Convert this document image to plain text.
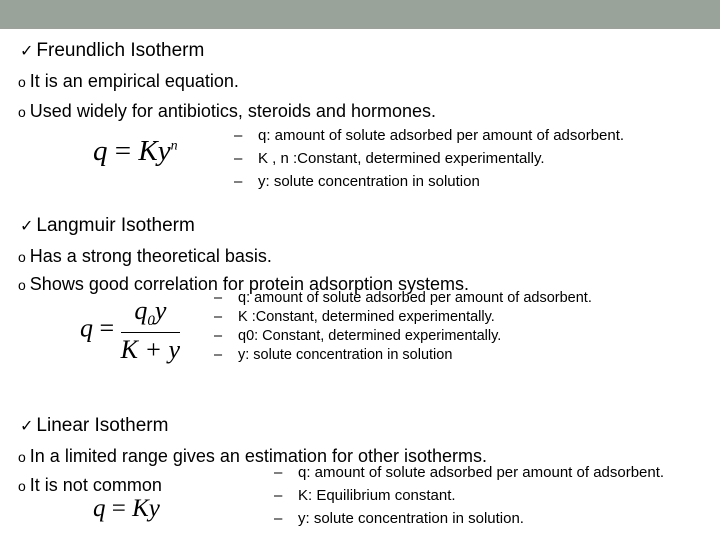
✓ Freundlich Isotherm
o It is an empirical equation.
o Used widely for antibiotics, steroids and hormones.
$q = Ky^n$
– q: amount of solute adsorbed per amount of adsorbent.
– K , n :Constant, determined experimentally.
– y: solute concentration in solution
✓ Langmuir Isotherm
o Has a strong theoretical basis.
o Shows good correlation for protein adsorption systems.
$q = \frac{q_0y}{K + y} - q$: amount of solute adsorbed per amount of adsorbent.
– K :Constant, determined experimentally.
– q0: Constant, determined experimentally.
– y: solute concentration in solution
✓ Linear Isotherm
o In a limited range gives an estimation for other isotherms.
o It is not common
q = Ky
– q: amount of solute adsorbed per amount of adsorbent.
– K: Equilibrium constant.
– y: solute concentration in solution.
